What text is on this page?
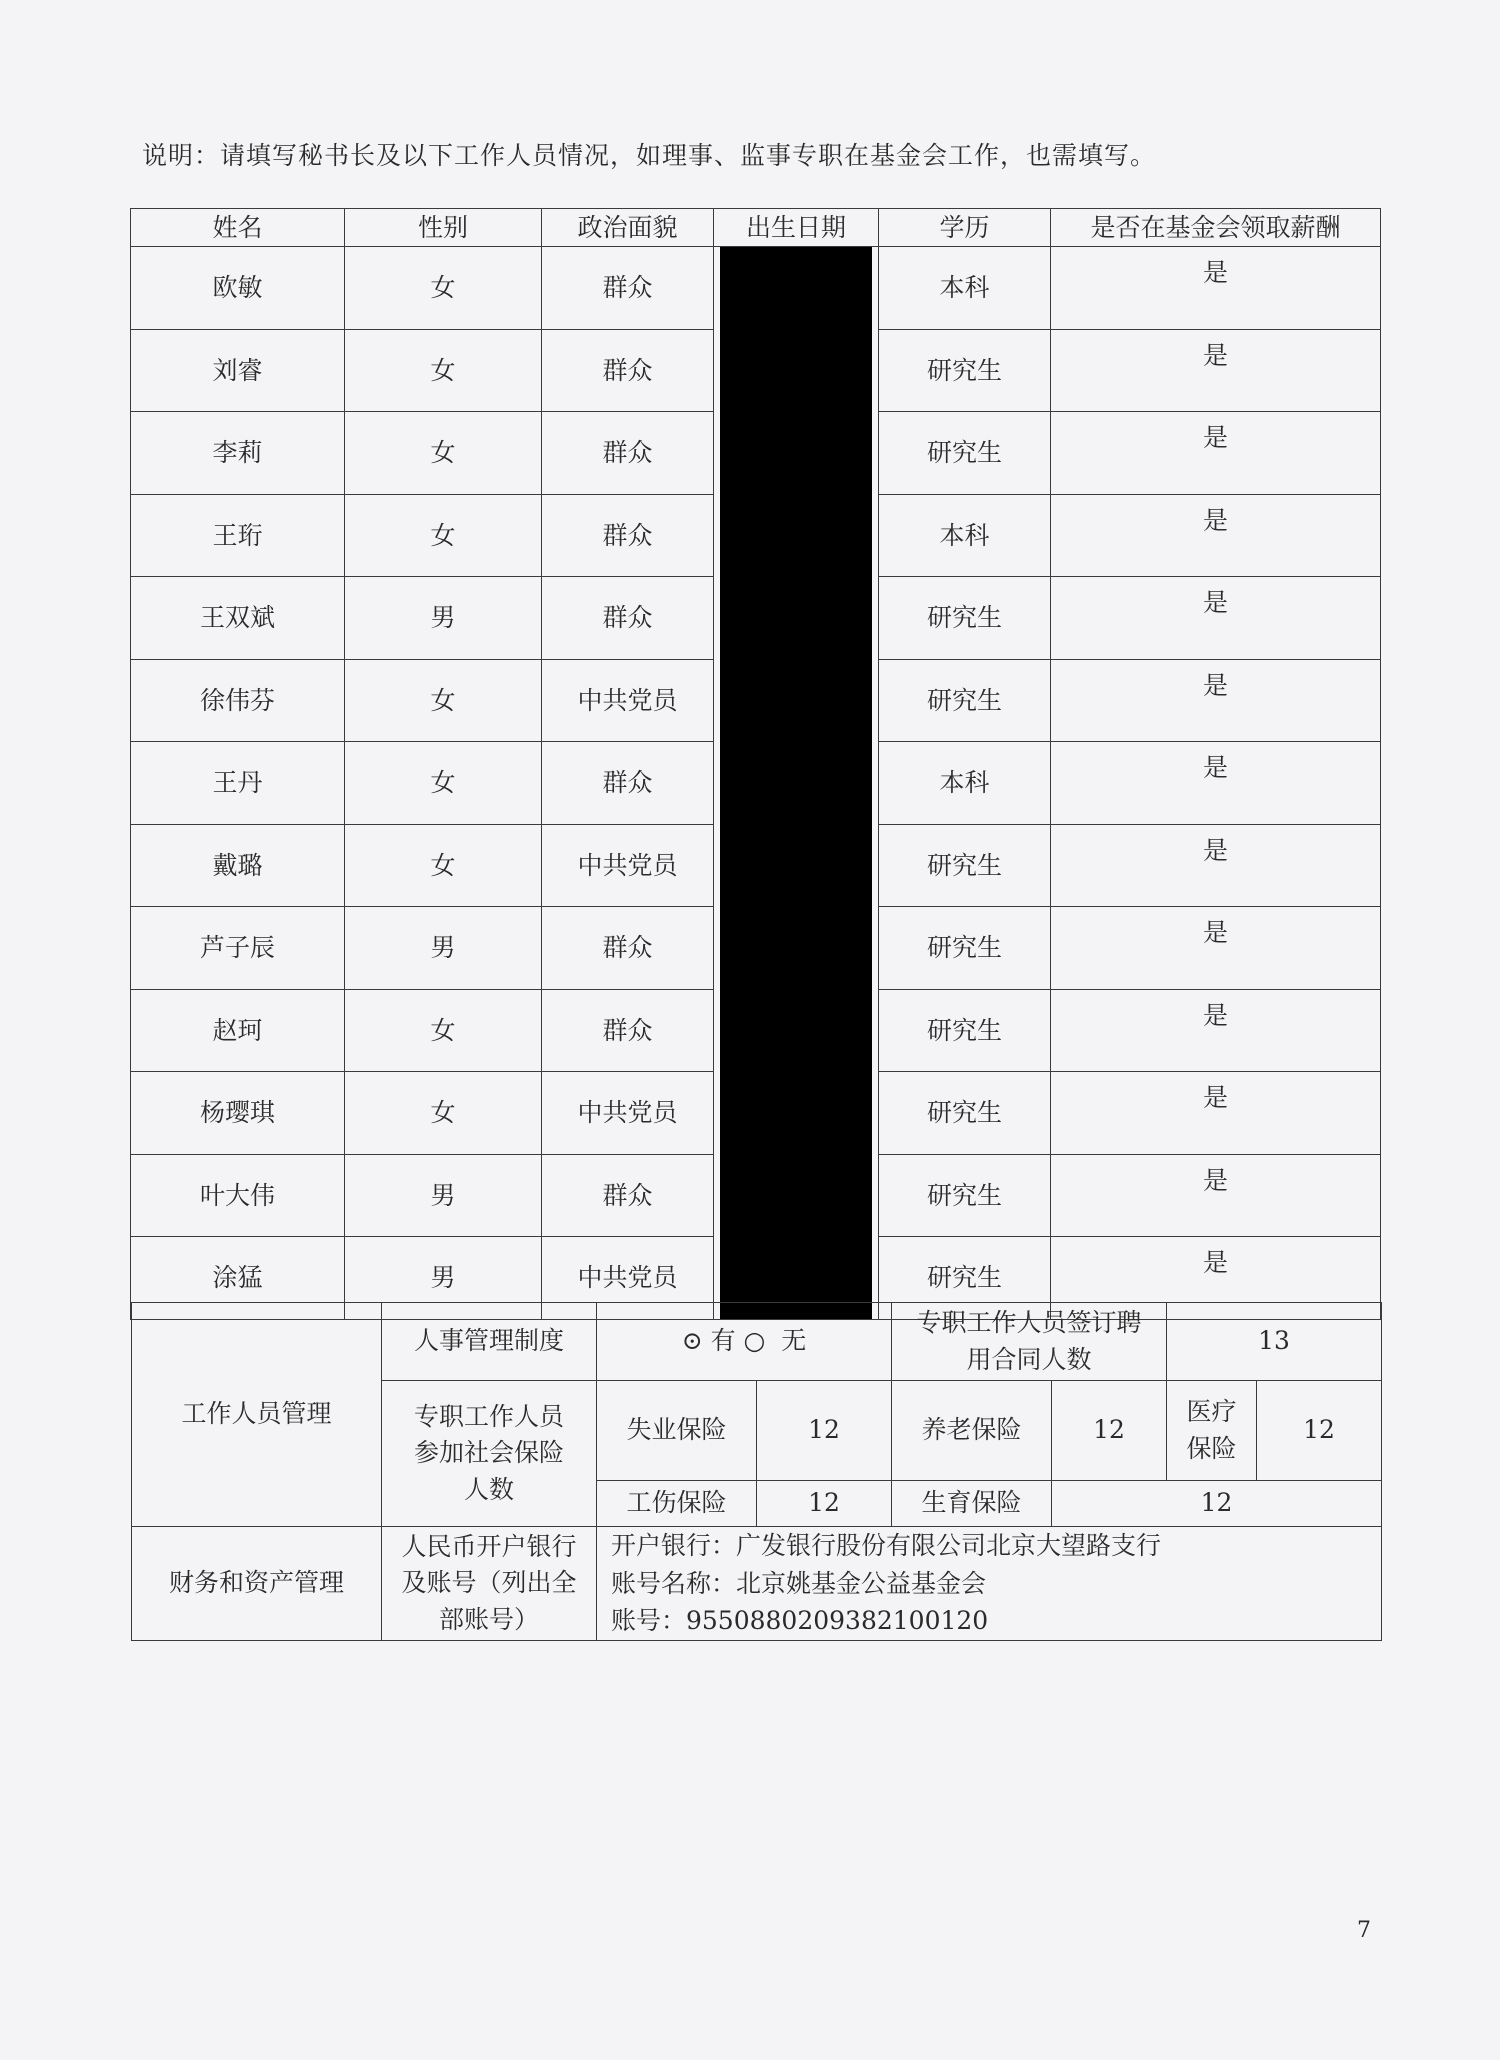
说明：请填写秘书长及以下工作人员情况，如理事、监事专职在基金会工作，也需填写。
姓名	性别	政治面貌	出生日期	学历	是否在基金会领取薪酬
欧敏	女	群众		本科	是
刘睿	女	群众		研究生	是
李莉	女	群众		研究生	是
王珩	女	群众		本科	是
王双斌	男	群众		研究生	是
徐伟芬	女	中共党员		研究生	是
王丹	女	群众		本科	是
戴璐	女	中共党员		研究生	是
芦子辰	男	群众		研究生	是
赵珂	女	群众		研究生	是
杨璎琪	女	中共党员		研究生	是
叶大伟	男	群众		研究生	是
涂猛	男	中共党员		研究生	是
工作人员管理	人事管理制度	⊙ 有 ○  无		专职工作人员签订聘用合同人数		13	
	专职工作人员参加社会保险人数	失业保险	12	养老保险	12	医疗保险	12
		工伤保险	12	生育保险	12		
财务和资产管理	人民币开户银行及账号（列出全部账号）	开户银行：广发银行股份有限公司北京大望路支行
账号名称：北京姚基金公益基金会
账号：9550880209382100120					
7
